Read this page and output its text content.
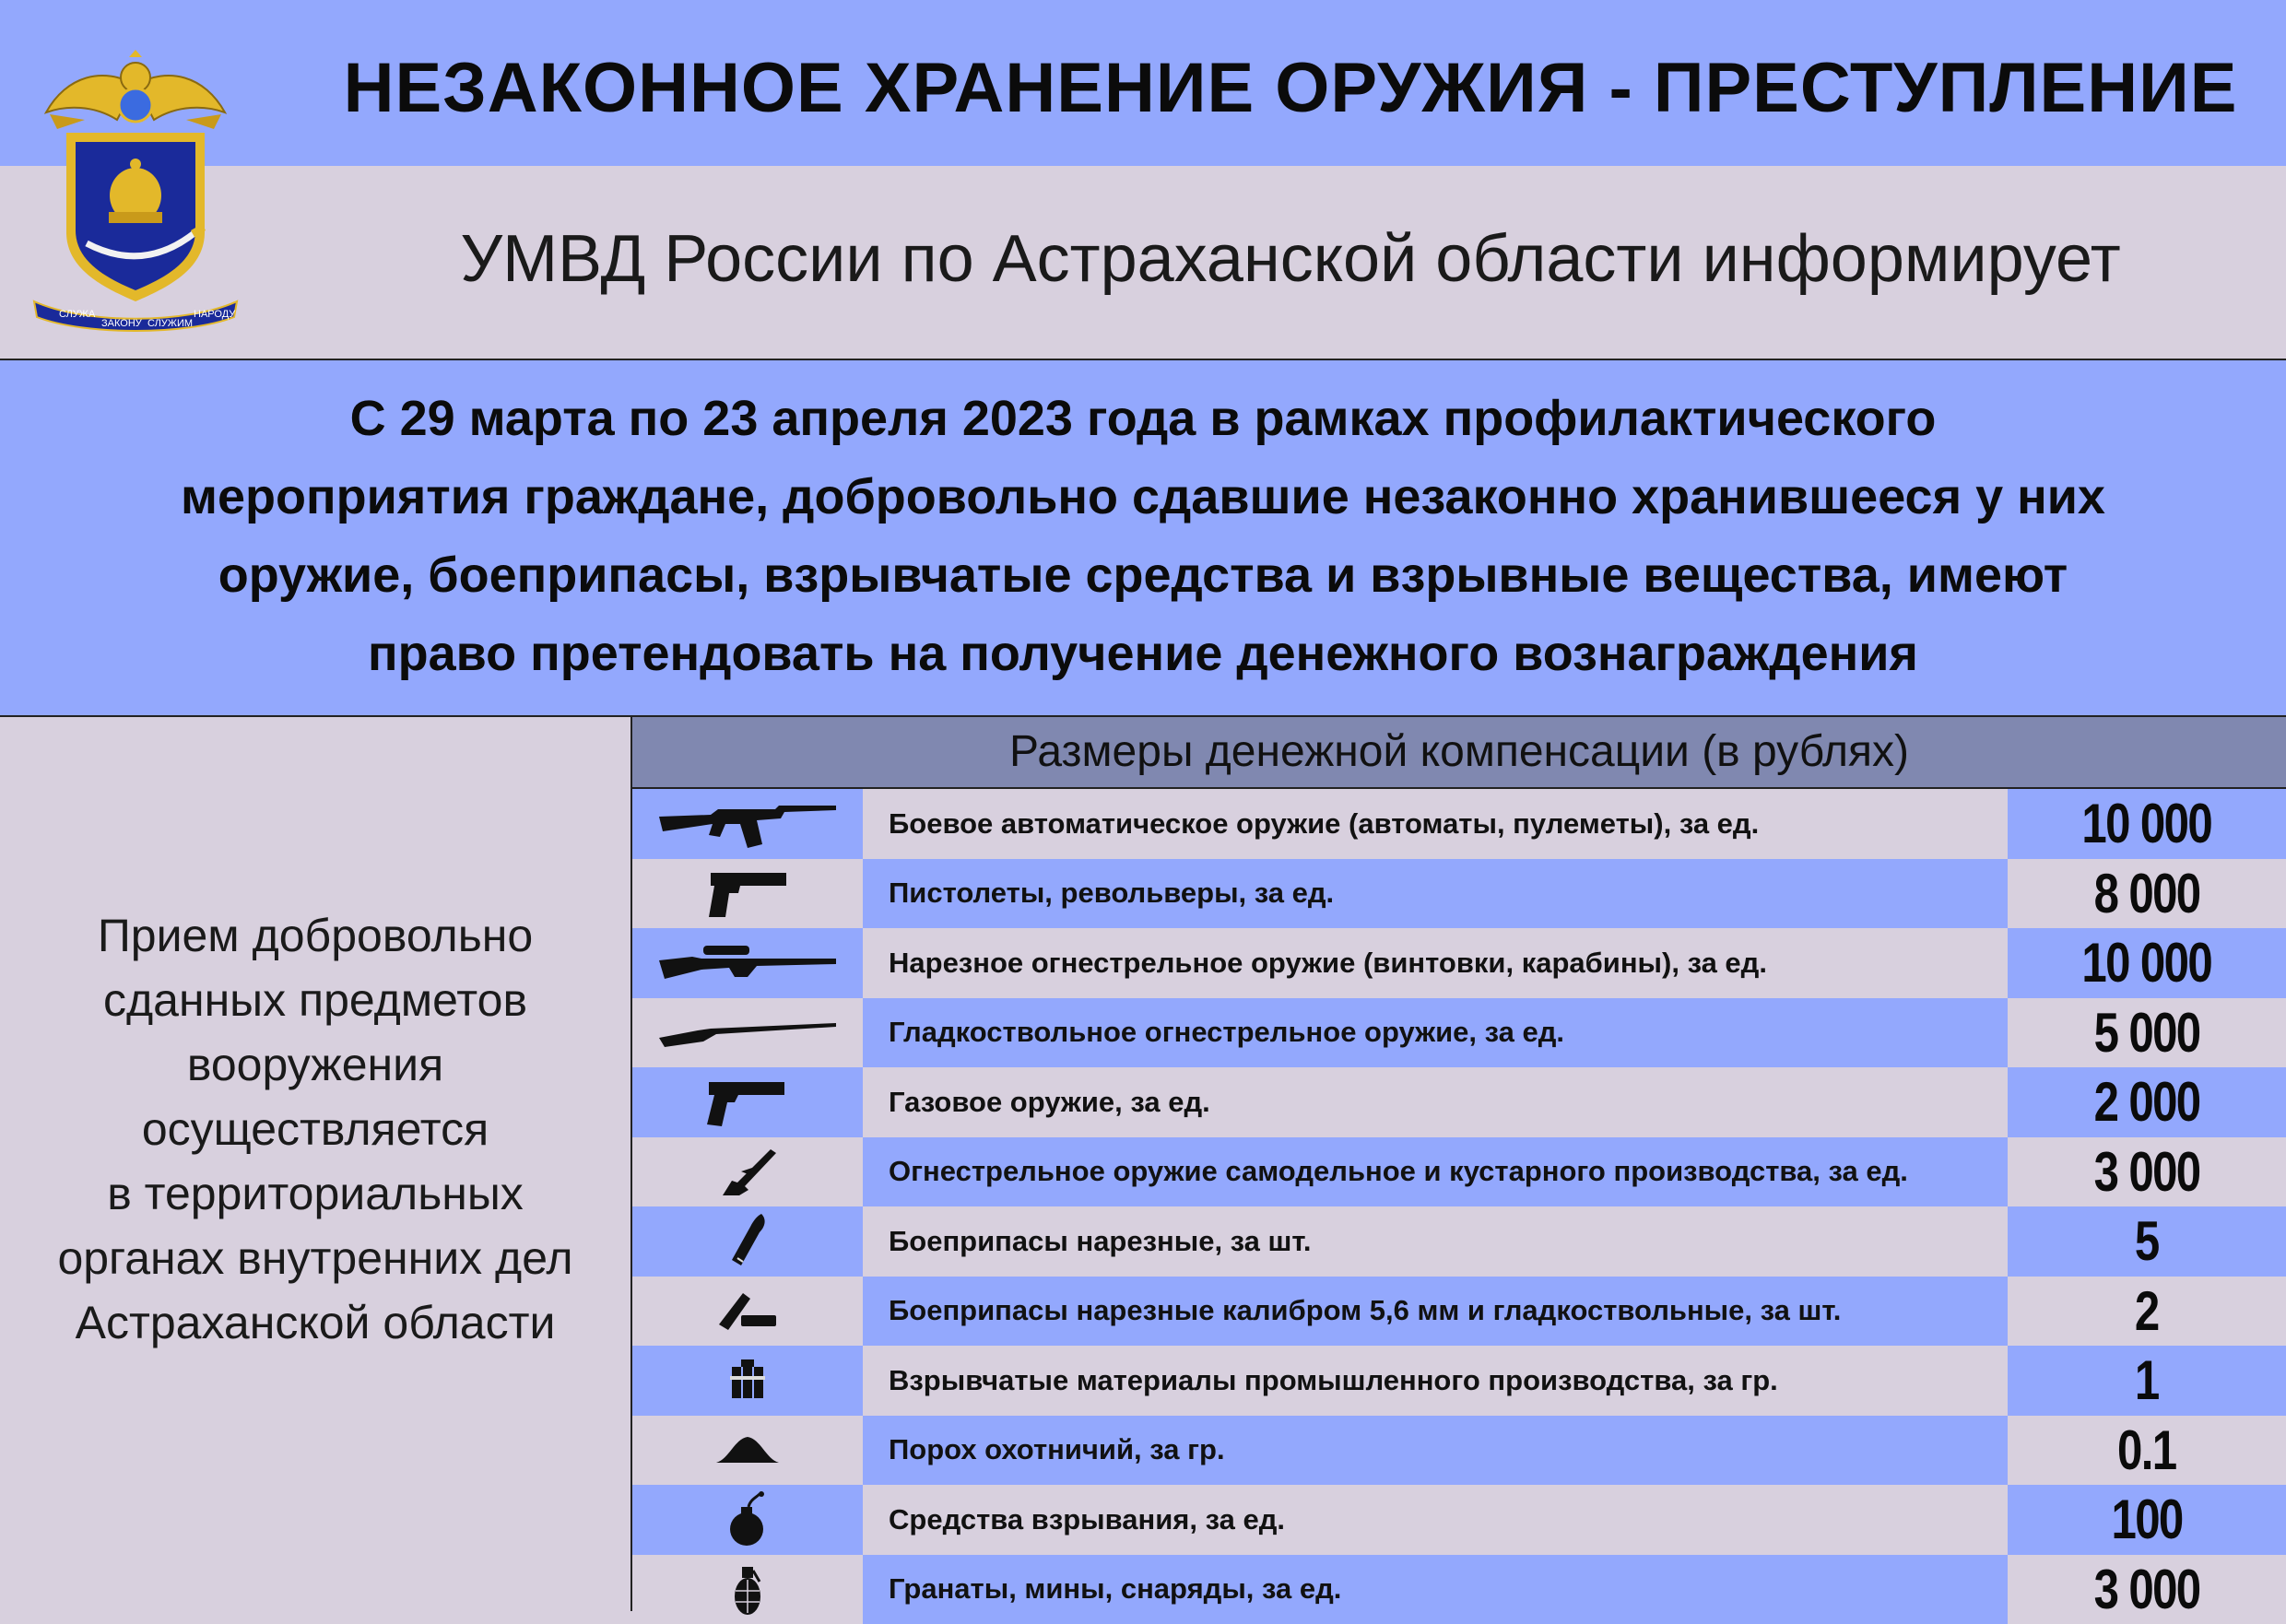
СЛУЖА
ЗАКОНУ СЛУЖИМ
НАРОДУ
НЕЗАКОННОЕ ХРАНЕНИЕ ОРУЖИЯ - ПРЕСТУПЛЕНИЕ
УМВД России по Астраханской области информирует
С 29 марта по 23 апреля 2023 года в рамках профилактического
мероприятия граждане, добровольно сдавшие незаконно хранившееся у них
оружие, боеприпасы, взрывчатые средства и взрывные вещества, имеют
право претендовать на получение денежного вознаграждения
Прием добровольно
сданных предметов
вооружения
осуществляется
в территориальных
органах внутренних дел
Астраханской области
Размеры денежной компенсации (в рублях)
Боевое автоматическое оружие (автоматы, пулеметы), за ед.	10 000
Пистолеты, револьверы, за ед.	8 000
Нарезное огнестрельное оружие (винтовки, карабины), за ед.	10 000
Гладкоствольное огнестрельное оружие, за ед.	5 000
Газовое оружие, за ед.	2 000
Огнестрельное оружие самодельное и кустарного производства, за ед.	3 000
Боеприпасы нарезные, за шт.	5
Боеприпасы нарезные калибром 5,6 мм и гладкоствольные, за шт.	2
Взрывчатые материалы промышленного производства, за гр.	1
Порох охотничий, за гр.	0.1
Средства взрывания, за ед.	100
Гранаты, мины, снаряды, за ед.	3 000
